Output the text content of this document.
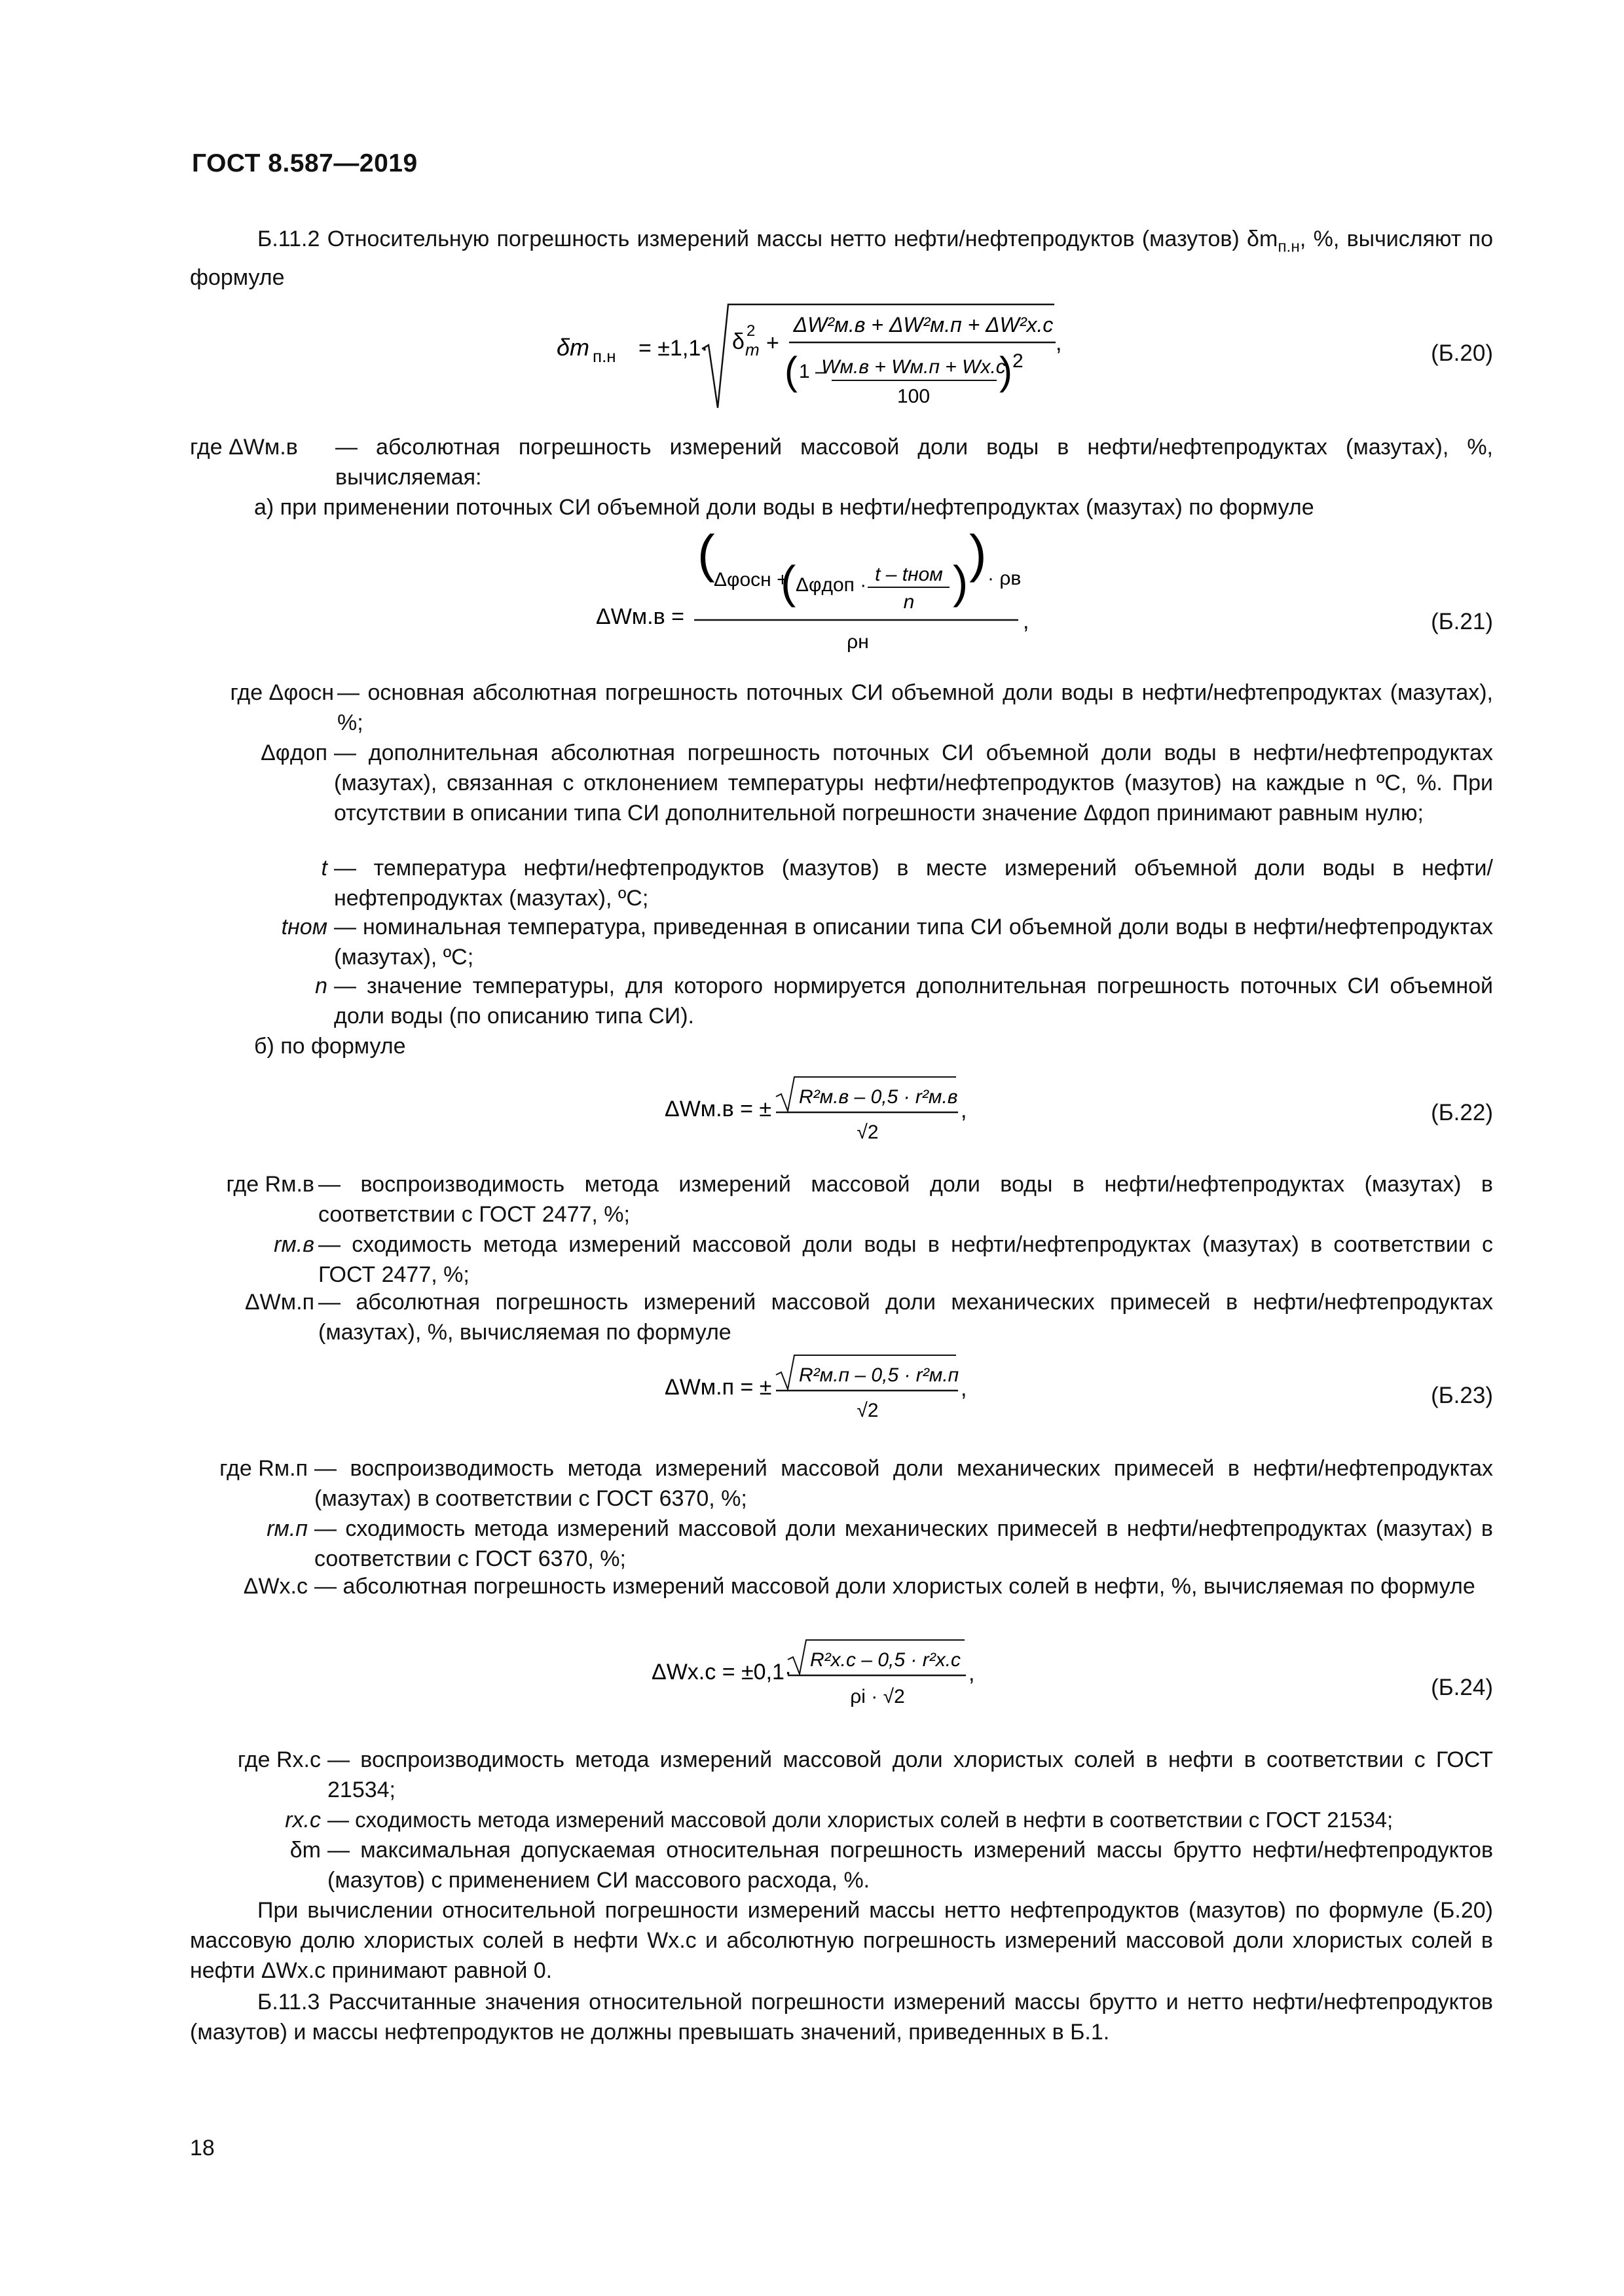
ГОСТ 8.587—2019
Б.11.2 Относительную погрешность измерений массы нетто нефти/нефтепродуктов (мазутов) $\delta m_{п.н}$, %, вычисляют по формуле
δm п.н = ±1,1· δ m
2 +
ΔW²м.в + ΔW²м.п + ΔW²х.с
( 1 –
Wм.в + Wм.п + Wх.с
100
) 2
,	(Б.20)
где ΔWм.в — абсолютная погрешность измерений массовой доли воды в нефти/нефтепродуктах (мазутах), %, вычисляемая:
а) при применении поточных СИ объемной доли воды в нефти/нефтепродуктах (мазутах) по формуле
ΔWм.в =
(
Δφосн +
( Δφдоп · t – tном
n ) ) · ρв
ρн
,	(Б.21)
где Δφосн — основная абсолютная погрешность поточных СИ объемной доли воды в нефти/нефтепродуктах (мазутах), %;
Δφдоп — дополнительная абсолютная погрешность поточных СИ объемной доли воды в нефти/нефтепродуктах (мазутах), связанная с отклонением температуры нефти/нефтепродуктов (мазутов) на каждые n ºC, %. При отсутствии в описании типа СИ дополнительной погрешности значение Δφдоп принимают равным нулю;
t — температура нефти/нефтепродуктов (мазутов) в месте измерений объемной доли воды в нефти/нефтепродуктах (мазутах), ºC;
tном — номинальная температура, приведенная в описании типа СИ объемной доли воды в нефти/нефтепродуктах (мазутах), ºC;
n — значение температуры, для которого нормируется дополнительная погрешность поточных СИ объемной доли воды (по описанию типа СИ).
б) по формуле
ΔWм.в = ± R²м.в – 0,5 · r²м.в
√2
,	(Б.22)
где Rм.в — воспроизводимость метода измерений массовой доли воды в нефти/нефтепродуктах (мазутах) в соответствии с ГОСТ 2477, %;
rм.в — сходимость метода измерений массовой доли воды в нефти/нефтепродуктах (мазутах) в соответствии с ГОСТ 2477, %;
ΔWм.п — абсолютная погрешность измерений массовой доли механических примесей в нефти/нефтепродуктах (мазутах), %, вычисляемая по формуле
ΔWм.п = ± R²м.п – 0,5 · r²м.п
√2
,	(Б.23)
где Rм.п — воспроизводимость метода измерений массовой доли механических примесей в нефти/нефтепродуктах (мазутах) в соответствии с ГОСТ 6370, %;
rм.п — сходимость метода измерений массовой доли механических примесей в нефти/нефтепродуктах (мазутах) в соответствии с ГОСТ 6370, %;
ΔWх.с — абсолютная погрешность измерений массовой доли хлористых солей в нефти, %, вычисляемая по формуле
ΔWх.с = ±0,1· R²х.с – 0,5 · r²х.с
ρi · √2
,
(Б.24)
где Rх.с — воспроизводимость метода измерений массовой доли хлористых солей в нефти в соответствии с ГОСТ 21534;
rх.с — сходимость метода измерений массовой доли хлористых солей в нефти в соответствии с ГОСТ 21534;
δm — максимальная допускаемая относительная погрешность измерений массы брутто нефти/нефтепродуктов (мазутов) с применением СИ массового расхода, %.
При вычислении относительной погрешности измерений массы нетто нефтепродуктов (мазутов) по формуле (Б.20) массовую долю хлористых солей в нефти Wх.с и абсолютную погрешность измерений массовой доли хлористых солей в нефти ΔWх.с принимают равной 0.
Б.11.3 Рассчитанные значения относительной погрешности измерений массы брутто и нетто нефти/нефтепродуктов (мазутов) и массы нефтепродуктов не должны превышать значений, приведенных в Б.1.
18
